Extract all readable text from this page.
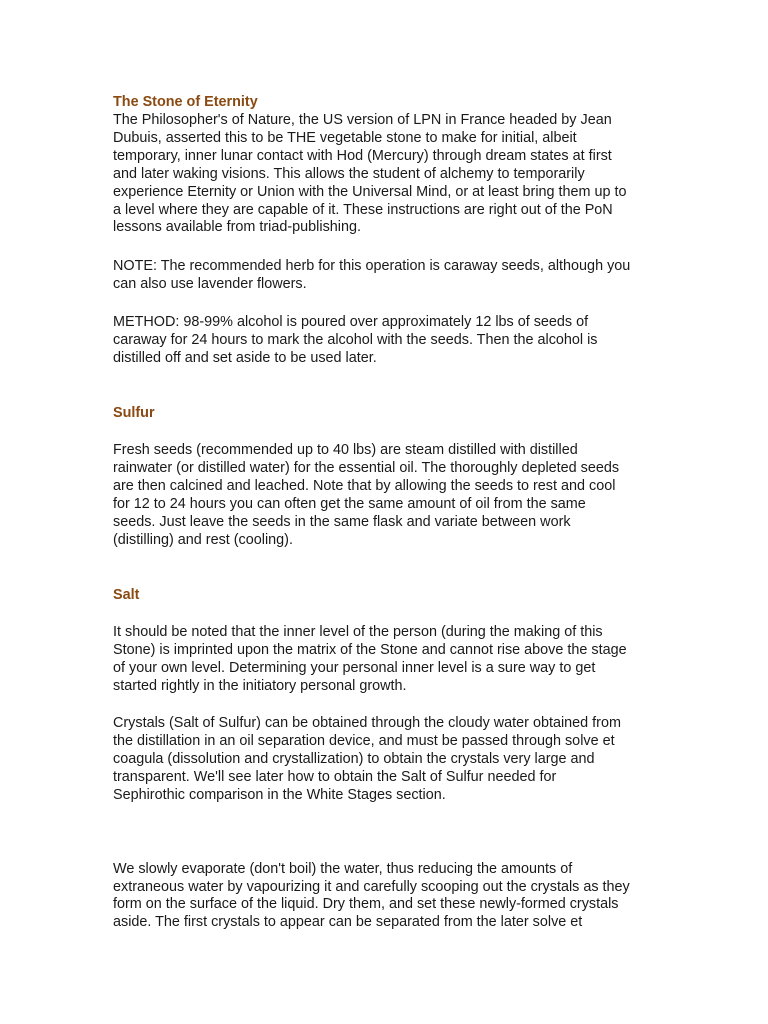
The Stone of Eternity

The Philosopher's of Nature, the US version of LPN in France headed by Jean

Dubuis, asserted this to be THE vegetable stone to make for initial, albeit

temporary, inner lunar contact with Hod (Mercury) through dream states at first

and later waking visions. This allows the student of alchemy to temporarily

experience Eternity or Union with the Universal Mind, or at least bring them up to

a level where they are capable of it. These instructions are right out of the PoN

lessons available from triad-publishing.

NOTE: The recommended herb for this operation is caraway seeds, although you

can also use lavender flowers.

METHOD: 98-99% alcohol is poured over approximately 12 lbs of seeds of

caraway for 24 hours to mark the alcohol with the seeds. Then the alcohol is

distilled off and set aside to be used later.

Sulfur

Fresh seeds (recommended up to 40 lbs) are steam distilled with distilled

rainwater (or distilled water) for the essential oil. The thoroughly depleted seeds

are then calcined and leached. Note that by allowing the seeds to rest and cool

for 12 to 24 hours you can often get the same amount of oil from the same

seeds. Just leave the seeds in the same flask and variate between work

(distilling) and rest (cooling).

Salt

It should be noted that the inner level of the person (during the making of this

Stone) is imprinted upon the matrix of the Stone and cannot rise above the stage

of your own level. Determining your personal inner level is a sure way to get

started rightly in the initiatory personal growth.

Crystals (Salt of Sulfur) can be obtained through the cloudy water obtained from

the distillation in an oil separation device, and must be passed through solve et

coagula (dissolution and crystallization) to obtain the crystals very large and

transparent. We'll see later how to obtain the Salt of Sulfur needed for

Sephirothic comparison in the White Stages section.

We slowly evaporate (don't boil) the water, thus reducing the amounts of

extraneous water by vapourizing it and carefully scooping out the crystals as they

form on the surface of the liquid. Dry them, and set these newly-formed crystals

aside. The first crystals to appear can be separated from the later solve et
